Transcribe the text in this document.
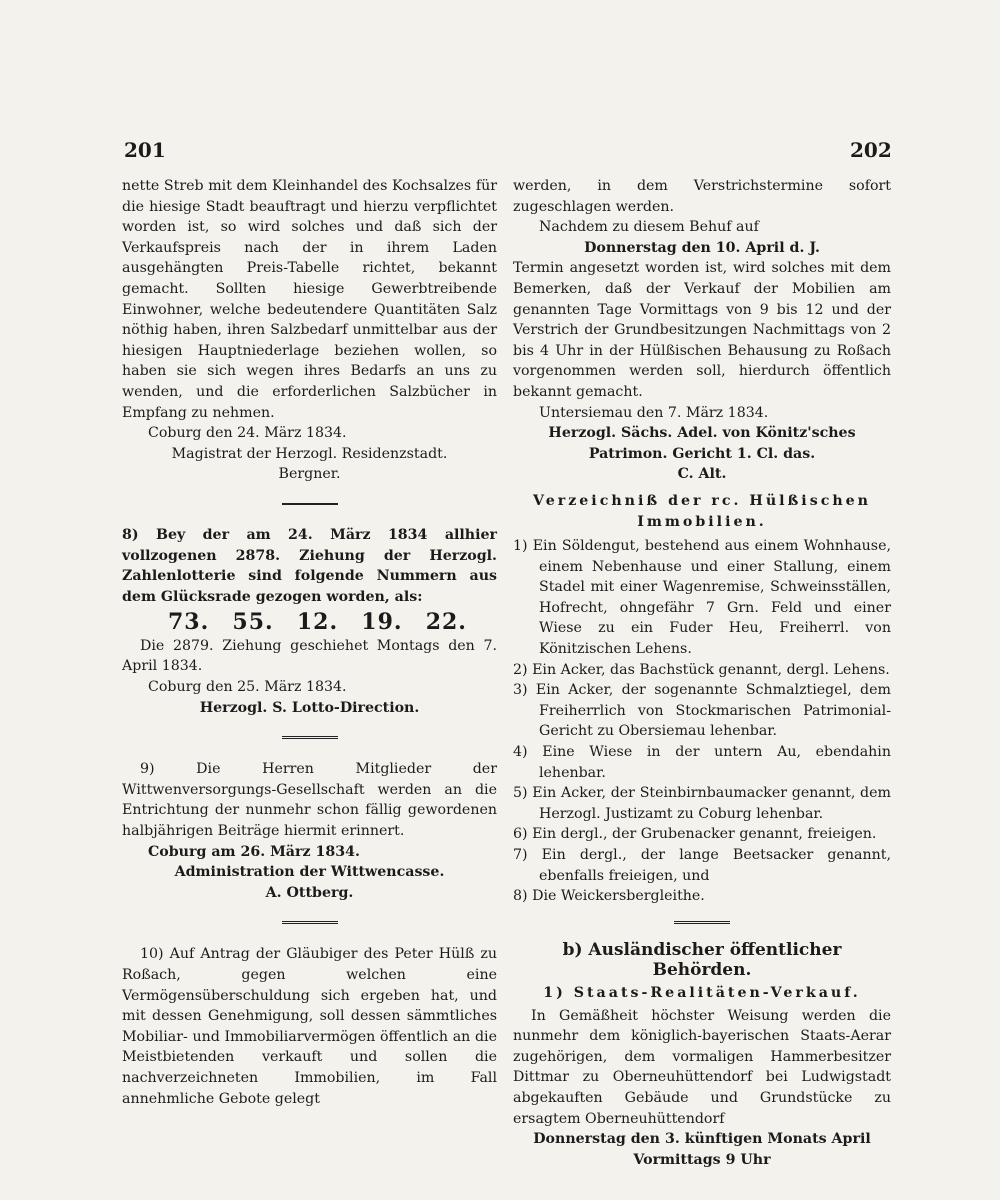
201	202

nette Streb mit dem Kleinhandel des Kochsalzes für die hiesige Stadt beauftragt und hierzu verpflichtet worden ist, so wird solches und daß sich der Verkaufspreis nach der in ihrem Laden ausgehängten Preis-Tabelle richtet, bekannt gemacht. Sollten hiesige Gewerbtreibende Einwohner, welche bedeutendere Quantitäten Salz nöthig haben, ihren Salzbedarf unmittelbar aus der hiesigen Hauptniederlage beziehen wollen, so haben sie sich wegen ihres Bedarfs an uns zu wenden, und die erforderlichen Salzbücher in Empfang zu nehmen.

Coburg den 24. März 1834.

Magistrat der Herzogl. Residenzstadt.

Bergner.

8) Bey der am 24. März 1834 allhier vollzogenen 2878. Ziehung der Herzogl. Zahlenlotterie sind folgende Nummern aus dem Glücksrade gezogen worden, als:

73. 55. 12. 19. 22.

Die 2879. Ziehung geschiehet Montags den 7. April 1834.

Coburg den 25. März 1834.

Herzogl. S. Lotto-Direction.

9) Die Herren Mitglieder der Wittwenversorgungs-Gesellschaft werden an die Entrichtung der nunmehr schon fällig gewordenen halbjährigen Beiträge hiermit erinnert.

Coburg am 26. März 1834.

Administration der Wittwencasse.

A. Ottberg.

10) Auf Antrag der Gläubiger des Peter Hülß zu Roßach, gegen welchen eine Vermögensüberschuldung sich ergeben hat, und mit dessen Genehmigung, soll dessen sämmtliches Mobiliar- und Immobiliarvermögen öffentlich an die Meistbietenden verkauft und sollen die nachverzeichneten Immobilien, im Fall annehmliche Gebote gelegt

werden, in dem Verstrichstermine sofort zugeschlagen werden.

Nachdem zu diesem Behuf auf

Donnerstag den 10. April d. J.

Termin angesetzt worden ist, wird solches mit dem Bemerken, daß der Verkauf der Mobilien am genannten Tage Vormittags von 9 bis 12 und der Verstrich der Grundbesitzungen Nachmittags von 2 bis 4 Uhr in der Hülßischen Behausung zu Roßach vorgenommen werden soll, hierdurch öffentlich bekannt gemacht.

Untersiemau den 7. März 1834.

Herzogl. Sächs. Adel. von Könitz'sches Patrimon. Gericht 1. Cl. das.

C. Alt.

Verzeichniß der rc. Hülßischen Immobilien.

1) Ein Söldengut, bestehend aus einem Wohnhause, einem Nebenhause und einer Stallung, einem Stadel mit einer Wagenremise, Schweinsställen, Hofrecht, ohngefähr 7 Grn. Feld und einer Wiese zu ein Fuder Heu, Freiherrl. von Könitzischen Lehens.

2) Ein Acker, das Bachstück genannt, dergl. Lehens.

3) Ein Acker, der sogenannte Schmalztiegel, dem Freiherrlich von Stockmarischen Patrimonial-Gericht zu Obersiemau lehenbar.

4) Eine Wiese in der untern Au, ebendahin lehenbar.

5) Ein Acker, der Steinbirnbaumacker genannt, dem Herzogl. Justizamt zu Coburg lehenbar.

6) Ein dergl., der Grubenacker genannt, freieigen.

7) Ein dergl., der lange Beetsacker genannt, ebenfalls freieigen, und

8) Die Weickersbergleithe.

b) Ausländischer öffentlicher Behörden.

1) Staats-Realitäten-Verkauf.

In Gemäßheit höchster Weisung werden die nunmehr dem königlich-bayerischen Staats-Aerar zugehörigen, dem vormaligen Hammerbesitzer Dittmar zu Oberneuhüttendorf bei Ludwigstadt abgekauften Gebäude und Grundstücke zu ersagtem Oberneuhüttendorf

Donnerstag den 3. künftigen Monats April

Vormittags 9 Uhr
